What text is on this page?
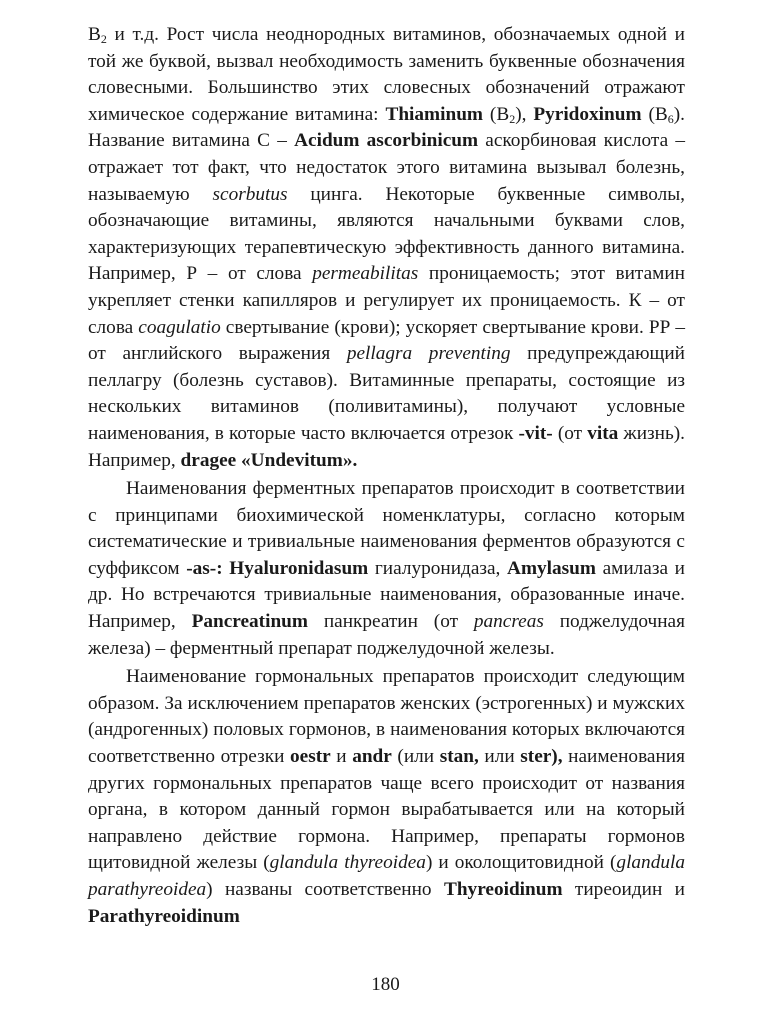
$B_2$ и т.д. Рост числа неоднородных витаминов, обозначаемых одной и той же буквой, вызвал необходимость заменить буквенные обозначения словесными. Большинство этих словесных обозначений отражают химическое содержание витамина: Thiaminum $(B_2)$, Pyridoxinum $(B_6)$. Название витамина С – Acidum ascorbinicum аскорбиновая кислота – отражает тот факт, что недостаток этого витамина вызывал болезнь, называемую scorbutus цинга. Некоторые буквенные символы, обозначающие витамины, являются начальными буквами слов, характеризующих терапевтическую эффективность данного витамина. Например, Р – от слова permeabilitas проницаемость; этот витамин укрепляет стенки капилляров и регулирует их проницаемость. К – от слова coagulatio свертывание (крови); ускоряет свертывание крови. РР – от английского выражения pellagra preventing предупреждающий пеллагру (болезнь суставов). Витаминные препараты, состоящие из нескольких витаминов (поливитамины), получают условные наименования, в которые часто включается отрезок -vit- (от vita жизнь). Например, dragee «Undevitum».

Наименования ферментных препаратов происходит в соответствии с принципами биохимической номенклатуры, согласно которым систематические и тривиальные наименования ферментов образуются с суффиксом -as-: Hyaluronidasum гиалуронидаза, Amylasum амилаза и др. Но встречаются тривиальные наименования, образованные иначе. Например, Pancreatinum панкреатин (от pancreas поджелудочная железа) – ферментный препарат поджелудочной железы.

Наименование гормональных препаратов происходит следующим образом. За исключением препаратов женских (эстрогенных) и мужских (андрогенных) половых гормонов, в наименования которых включаются соответственно отрезки oestr и andr (или stan, или ster), наименования других гормональных препаратов чаще всего происходит от названия органа, в котором данный гормон вырабатывается или на который направлено действие гормона. Например, препараты гормонов щитовидной железы (glandula thyreoidea) и околощитовидной (glandula parathyreoidea) названы соответственно Thyreoidinum тиреоидин и Parathyreoidinum

180
